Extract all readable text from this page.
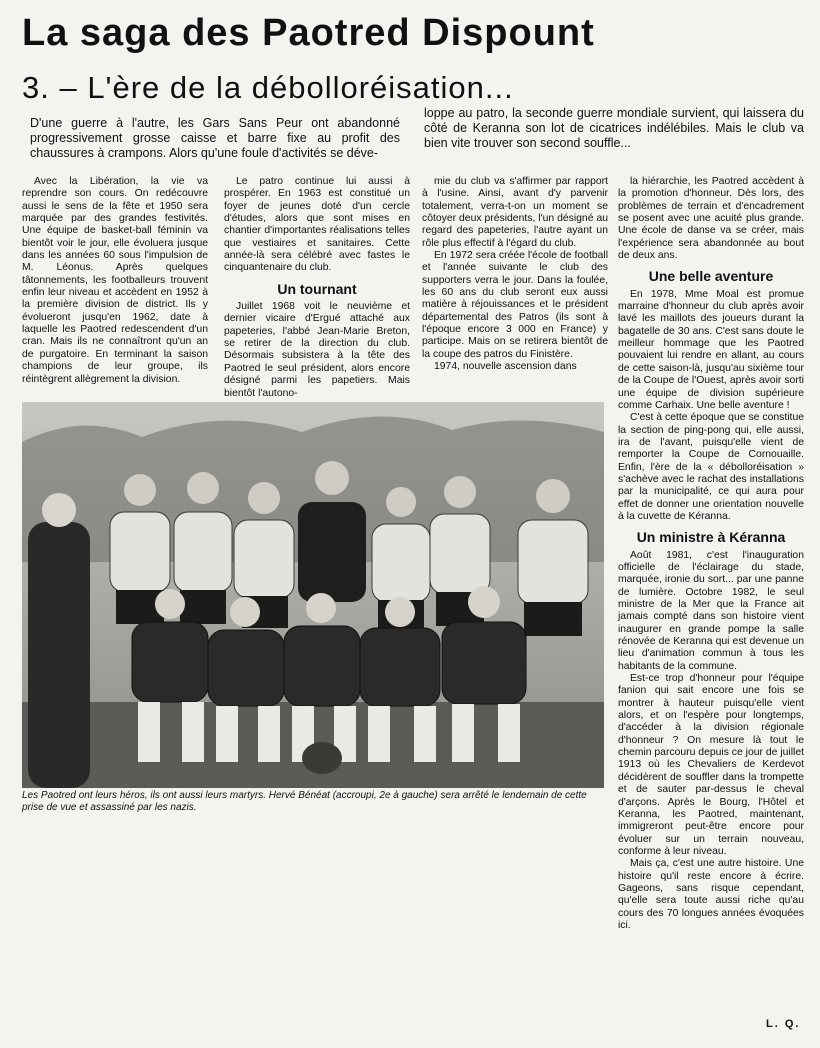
La saga des Paotred Dispount
3. – L'ère de la débolloréisation...
D'une guerre à l'autre, les Gars Sans Peur ont abandonné progressivement grosse caisse et barre fixe au profit des chaussures à crampons. Alors qu'une foule d'activités se déve-
loppe au patro, la seconde guerre mondiale survient, qui laissera du côté de Keranna son lot de cicatrices indélébiles. Mais le club va bien vite trouver son second souffle...

Avec la Libération, la vie va reprendre son cours. On redécouvre aussi le sens de la fête et 1950 sera marquée par des grandes festivités. Une équipe de basket-ball féminin va bientôt voir le jour, elle évoluera jusque dans les années 60 sous l'impulsion de M. Léonus. Après quelques tâtonnements, les footballeurs trouvent enfin leur niveau et accèdent en 1952 à la première division de district. Ils y évolueront jusqu'en 1962, date à laquelle les Paotred redescendent d'un cran. Mais ils ne connaîtront qu'un an de purgatoire. En terminant la saison champions de leur groupe, ils réintègrent allègrement la division.

Le patro continue lui aussi à prospérer. En 1963 est constitué un foyer de jeunes doté d'un cercle d'études, alors que sont mises en chantier d'importantes réalisations telles que vestiaires et sanitaires. Cette année-là sera célébré avec fastes le cinquantenaire du club.

Un tournant

Juillet 1968 voit le neuvième et dernier vicaire d'Ergué attaché aux papeteries, l'abbé Jean-Marie Breton, se retirer de la direction du club. Désormais subsistera à la tête des Paotred le seul président, alors encore désigné parmi les papetiers. Mais bientôt l'autono-

mie du club va s'affirmer par rapport à l'usine. Ainsi, avant d'y parvenir totalement, verra-t-on un moment se côtoyer deux présidents, l'un désigné au regard des papeteries, l'autre ayant un rôle plus effectif à l'égard du club.

En 1972 sera créée l'école de football et l'année suivante le club des supporters verra le jour. Dans la foulée, les 60 ans du club seront eux aussi matière à réjouissances et le président départemental des Patros (ils sont à l'époque encore 3 000 en France) y participe. Mais on se retirera bientôt de la coupe des patros du Finistère.

1974, nouvelle ascension dans

la hiérarchie, les Paotred accèdent à la promotion d'honneur. Dès lors, des problèmes de terrain et d'encadrement se posent avec une acuité plus grande. Une école de danse va se créer, mais l'expérience sera abandonnée au bout de deux ans.

Une belle aventure

En 1978, Mme Moal est promue marraine d'honneur du club après avoir lavé les maillots des joueurs durant la bagatelle de 30 ans. C'est sans doute le meilleur hommage que les Paotred pouvaient lui rendre en allant, au cours de cette saison-là, jusqu'au sixième tour de la Coupe de l'Ouest, après avoir sorti une équipe de division supérieure comme Carhaix. Une belle aventure !

C'est à cette époque que se constitue la section de ping-pong qui, elle aussi, ira de l'avant, puisqu'elle vient de remporter la Coupe de Cornouaille. Enfin, l'ère de la « débolloréisation » s'achève avec le rachat des installations par la municipalité, ce qui aura pour effet de donner une orientation nouvelle à la cuvette de Kéranna.

Un ministre à Kéranna

Août 1981, c'est l'inauguration officielle de l'éclairage du stade, marquée, ironie du sort... par une panne de lumière. Octobre 1982, le seul ministre de la Mer que la France ait jamais compté dans son histoire vient inaugurer en grande pompe la salle rénovée de Keranna qui est devenue un lieu d'animation commun à tous les habitants de la commune.

Est-ce trop d'honneur pour l'équipe fanion qui sait encore une fois se montrer à hauteur puisqu'elle vient alors, et on l'espère pour longtemps, d'accéder à la division régionale d'honneur ? On mesure là tout le chemin parcouru depuis ce jour de juillet 1913 où les Chevaliers de Kerdevot décidèrent de souffler dans la trompette et de sauter par-dessus le cheval d'arçons. Après le Bourg, l'Hôtel et Keranna, les Paotred, maintenant, immigreront peut-être encore pour évoluer sur un terrain nouveau, conforme à leur niveau.

Mais ça, c'est une autre histoire. Une histoire qu'il reste encore à écrire. Gageons, sans risque cependant, qu'elle sera toute aussi riche qu'au cours des 70 longues années évoquées ici.

Les Paotred ont leurs héros, ils ont aussi leurs martyrs. Hervé Bénéat (accroupi, 2e à gauche) sera arrêté le lendemain de cette prise de vue et assassiné par les nazis.
L. Q.
